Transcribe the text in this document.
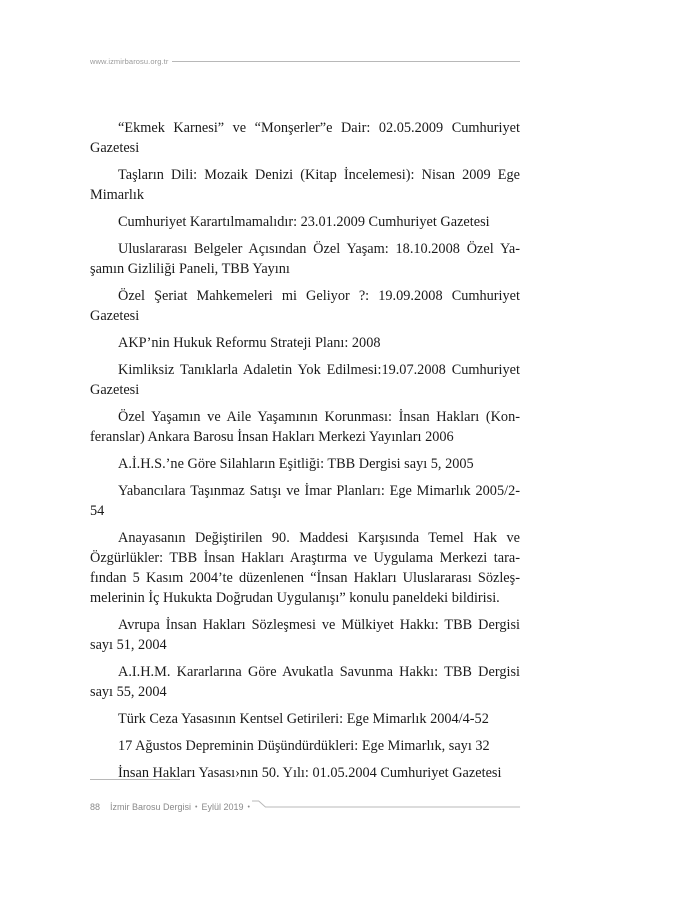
www.izmirbarosu.org.tr

“Ekmek Karnesi” ve “Monşerler”e Dair: 02.05.2009 Cumhuriyet Gazetesi

Taşların Dili: Mozaik Denizi (Kitap İncelemesi): Nisan 2009 Ege Mimarlık

Cumhuriyet Karartılmamalıdır: 23.01.2009 Cumhuriyet Gazetesi

Uluslararası Belgeler Açısından Özel Yaşam: 18.10.2008 Özel Yaşamın Gizliliği Paneli, TBB Yayını

Özel Şeriat Mahkemeleri mi Geliyor ?: 19.09.2008 Cumhuriyet Gazetesi

AKP’nin Hukuk Reformu Strateji Planı: 2008

Kimliksiz Tanıklarla Adaletin Yok Edilmesi:19.07.2008 Cumhuriyet Gazetesi

Özel Yaşamın ve Aile Yaşamının Korunması: İnsan Hakları (Konferanslar) Ankara Barosu İnsan Hakları Merkezi Yayınları 2006

A.İ.H.S.’ne Göre Silahların Eşitliği: TBB Dergisi sayı 5, 2005

Yabancılara Taşınmaz Satışı ve İmar Planları: Ege Mimarlık 2005/2-54

Anayasanın Değiştirilen 90. Maddesi Karşısında Temel Hak ve Özgürlükler: TBB İnsan Hakları Araştırma ve Uygulama Merkezi tarafından 5 Kasım 2004’te düzenlenen “İnsan Hakları Uluslararası Sözleşmelerinin İç Hukukta Doğrudan Uygulanışı” konulu paneldeki bildirisi.

Avrupa İnsan Hakları Sözleşmesi ve Mülkiyet Hakkı: TBB Dergisi sayı 51, 2004

A.I.H.M. Kararlarına Göre Avukatla Savunma Hakkı: TBB Dergisi sayı 55, 2004

Türk Ceza Yasasının Kentsel Getirileri: Ege Mimarlık 2004/4-52

17 Ağustos Depreminin Düşündürdükleri: Ege Mimarlık, sayı 32

İnsan Hakları Yasası›nın 50. Yılı: 01.05.2004 Cumhuriyet Gazetesi

88 İzmir Barosu Dergisi • Eylül 2019 •
